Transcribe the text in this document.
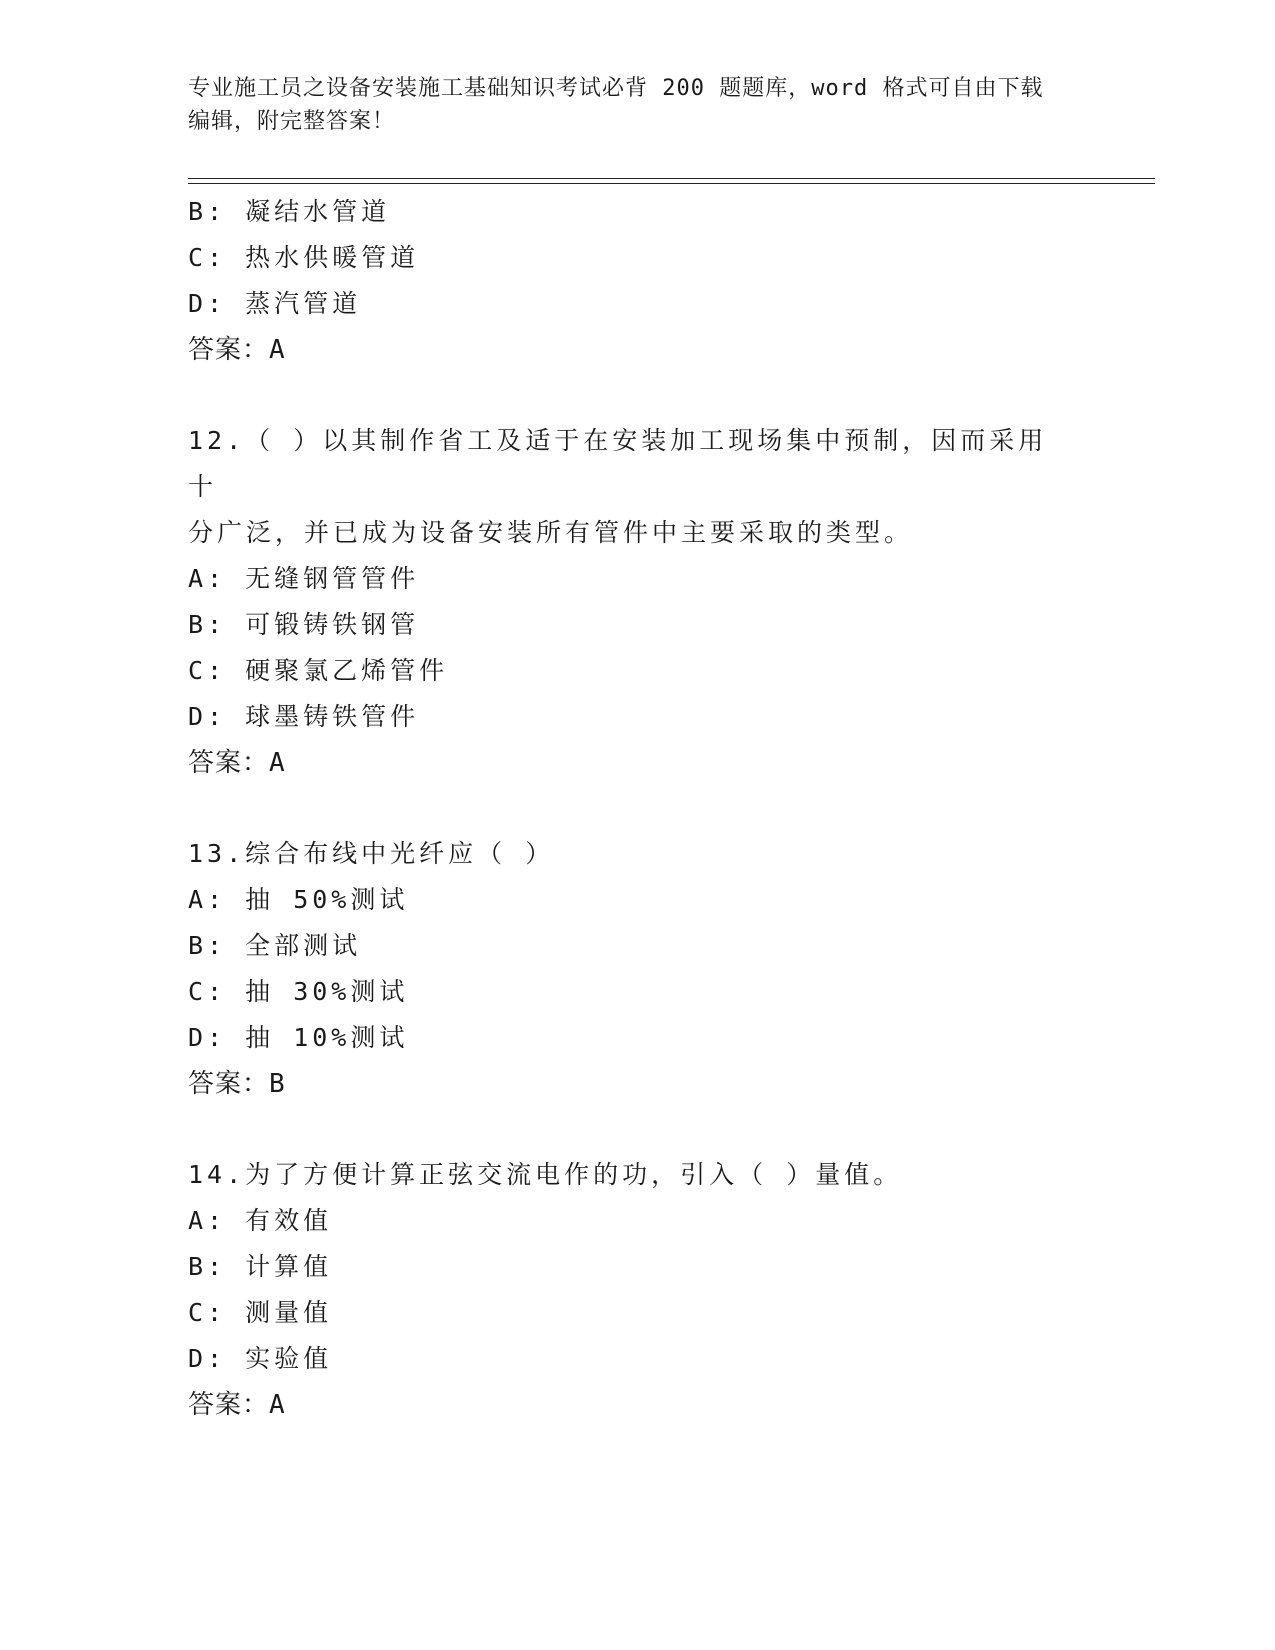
专业施工员之设备安装施工基础知识考试必背 200 题题库，word 格式可自由下载
编辑，附完整答案！
B: 凝结水管道
C: 热水供暖管道
D: 蒸汽管道
答案：A
12.（ ）以其制作省工及适于在安装加工现场集中预制，因而采用十
分广泛，并已成为设备安装所有管件中主要采取的类型。
A: 无缝钢管管件
B: 可锻铸铁钢管
C: 硬聚氯乙烯管件
D: 球墨铸铁管件
答案：A
13.综合布线中光纤应（ ）
A: 抽 50%测试
B: 全部测试
C: 抽 30%测试
D: 抽 10%测试
答案：B
14.为了方便计算正弦交流电作的功，引入（ ）量值。
A: 有效值
B: 计算值
C: 测量值
D: 实验值
答案：A
